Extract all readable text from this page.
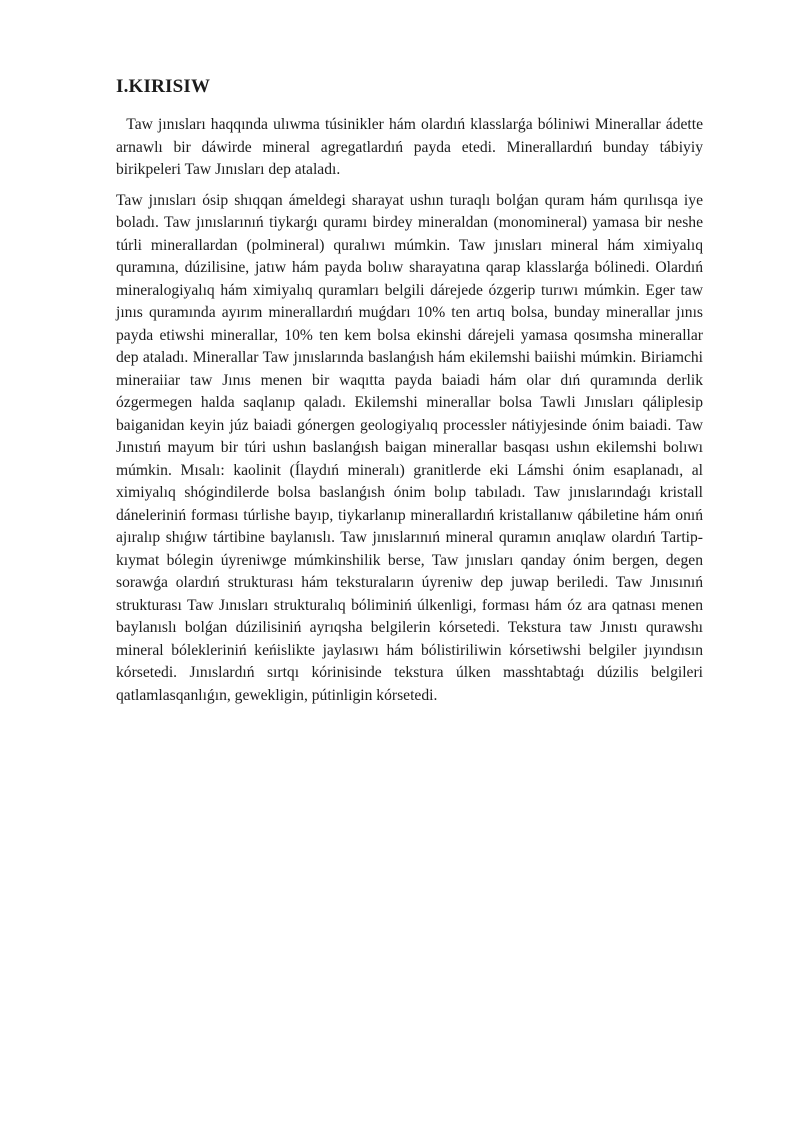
I.KIRISIW

Taw jınısları haqqında ulıwma túsinikler hám olardıń klasslarǵa bóliniwi Minerallar ádette arnawlı bir dáwirde mineral agregatlardıń payda etedi. Minerallardıń bunday tábiyiy birikpeleri Taw Jınısları dep ataladı.

Taw jınısları ósip shıqqan ámeldegi sharayat ushın turaqlı bolǵan quram hám qurılısqa iye boladı. Taw jınıslarınıń tiykarǵı quramı birdey mineraldan (monomineral) yamasa bir neshe túrli minerallardan (polmineral) quralıwı múmkin. Taw jınısları mineral hám ximiyalıq quramına, dúzilisine, jatıw hám payda bolıw sharayatına qarap klasslarǵa bólinedi. Olardıń mineralogiyalıq hám ximiyalıq quramları belgili dárejede ózgerip turıwı múmkin. Eger taw jınıs quramında ayırım minerallardıń muǵdarı 10% ten artıq bolsa, bunday minerallar jınıs payda etiwshi minerallar, 10% ten kem bolsa ekinshi dárejeli yamasa qosımsha minerallar dep ataladı. Minerallar Taw jınıslarında baslanǵısh hám ekilemshi baiishi múmkin. Biriamchi mineraiiar taw Jınıs menen bir waqıtta payda baiadi hám olar dıń quramında derlik ózgermegen halda saqlanıp qaladı. Ekilemshi minerallar bolsa Tawli Jınısları qáliplesip baiganidan keyin júz baiadi gónergen geologiyalıq processler nátiyjesinde ónim baiadi. Taw Jınıstıń mayum bir túri ushın baslanǵısh baigan minerallar basqası ushın ekilemshi bolıwı múmkin. Mısalı: kaolinit (Ílaydıń mineralı) granitlerde eki Lámshi ónim esaplanadı, al ximiyalıq shógindilerde bolsa baslanǵısh ónim bolıp tabıladı. Taw jınıslarındaǵı kristall dáneleriniń forması túrlishe bayıp, tiykarlanıp minerallardıń kristallanıw qábiletine hám onıń ajıralıp shıǵıw tártibine baylanıslı. Taw jınıslarınıń mineral quramın anıqlaw olardıń Tartip-kıymat bólegin úyreniwge múmkinshilik berse, Taw jınısları qanday ónim bergen, degen sorawǵa olardıń strukturası hám teksturaların úyreniw dep juwap beriledi. Taw Jınısınıń strukturası Taw Jınısları strukturalıq bóliminiń úlkenligi, forması hám óz ara qatnası menen baylanıslı bolǵan dúzilisiniń ayrıqsha belgilerin kórsetedi. Tekstura taw Jınıstı qurawshı mineral bólekleriniń keńislikte jaylasıwı hám bólistiriliwin kórsetiwshi belgiler jıyındısın kórsetedi. Jınıslardıń sırtqı kórinisinde tekstura úlken masshtabtaǵı dúzilis belgileri qatlamlasqanlıǵın, gewekligin, pútinligin kórsetedi.
